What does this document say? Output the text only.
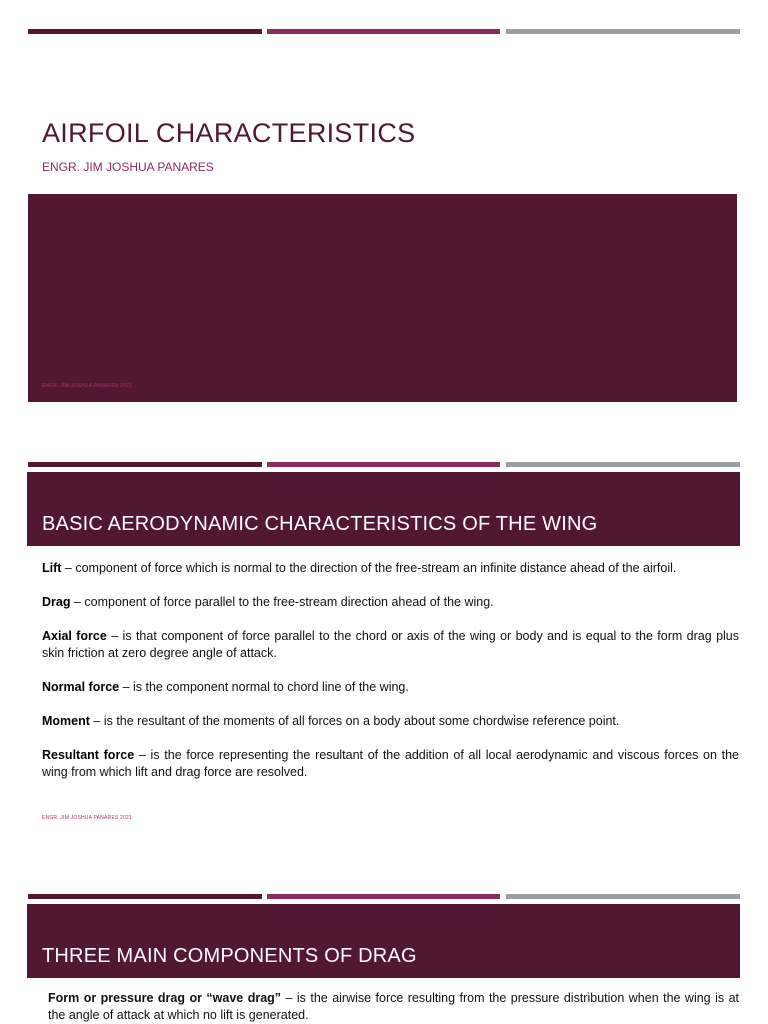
AIRFOIL CHARACTERISTICS

ENGR. JIM JOSHUA PANARES

ENGR. JIM JOSHUA PANARES 2021
BASIC AERODYNAMIC CHARACTERISTICS OF THE WING
Lift – component of force which is normal to the direction of the free-stream an infinite distance ahead of the airfoil.
Drag – component of force parallel to the free-stream direction ahead of the wing.
Axial force – is that component of force parallel to the chord or axis of the wing or body and is equal to the form drag plus skin friction at zero degree angle of attack.
Normal force – is the component normal to chord line of the wing.
Moment – is the resultant of the moments of all forces on a body about some chordwise reference point.
Resultant force – is the force representing the resultant of the addition of all local aerodynamic and viscous forces on the wing from which lift and drag force are resolved.
ENGR. JIM JOSHUA PANARES 2021
THREE MAIN COMPONENTS OF DRAG

Form or pressure drag or “wave drag” – is the airwise force resulting from the pressure distribution when the wing is at the angle of attack at which no lift is generated.
